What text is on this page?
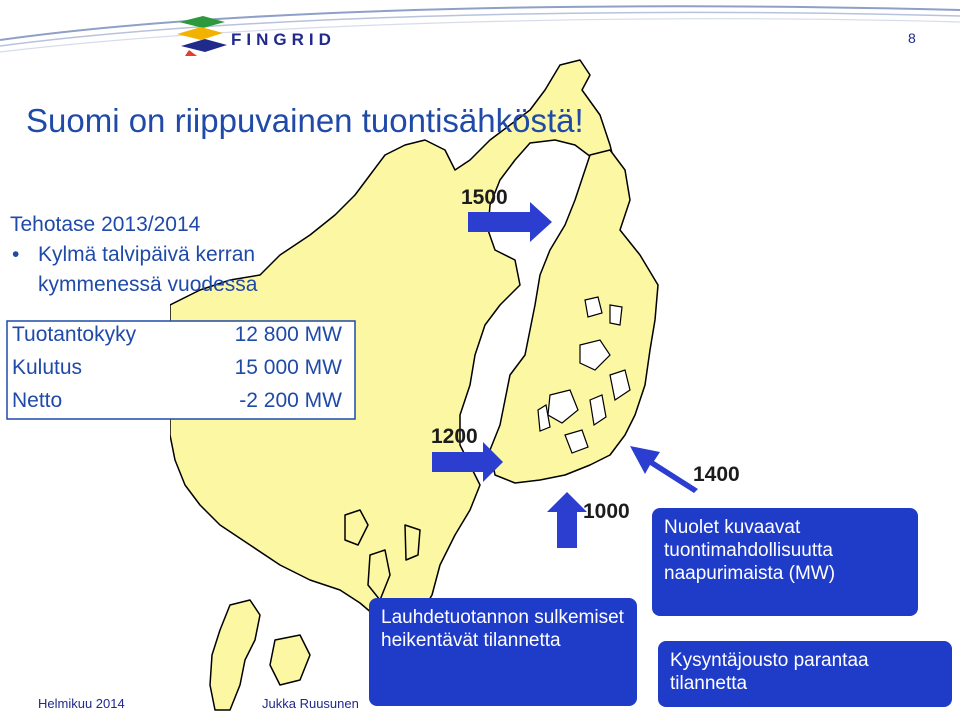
FINGRID	8
Suomi on riippuvainen tuontisähköstä!
Tehotase 2013/2014
• Kylmä talvipäivä kerran
kymmenessä vuodessa
Tuotantokyky	12 800 MW
Kulutus	15 000 MW
Netto	-2 200 MW
1500
1200
1000
1400
Nuolet kuvaavat tuontimahdollisuutta naapurimaista (MW)
Lauhdetuotannon sulkemiset heikentävät tilannetta
Kysyntäjousto parantaa tilannetta
Helmikuu 2014	Jukka Ruusunen
